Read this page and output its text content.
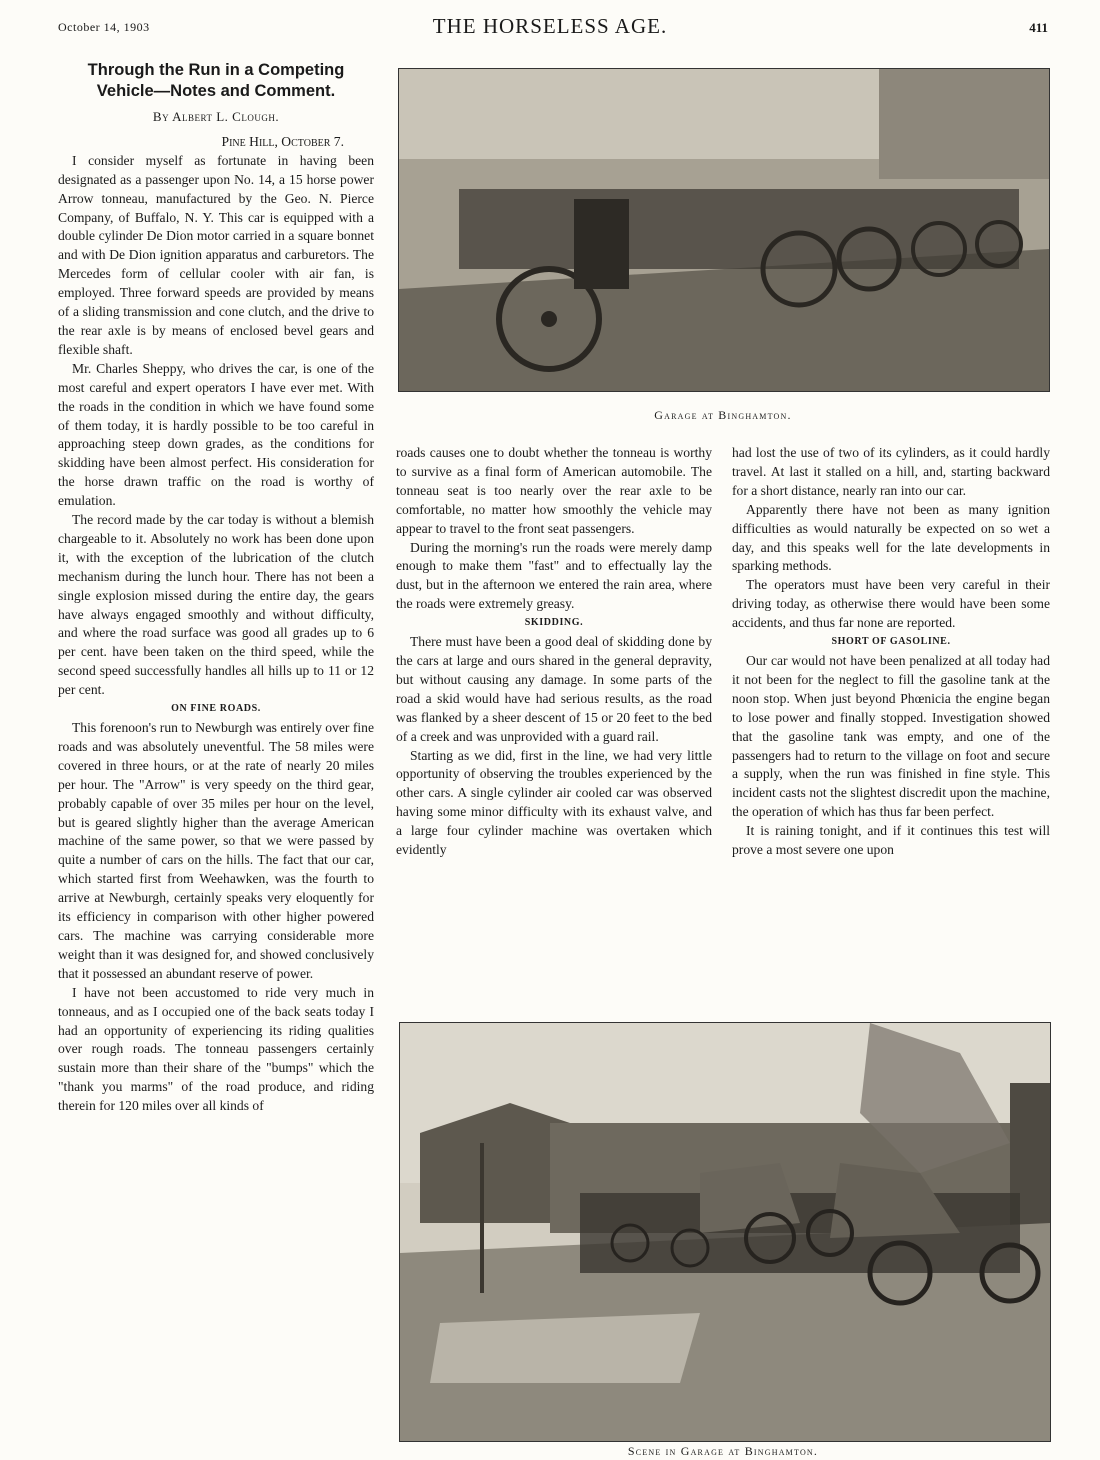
October 14, 1903	THE HORSELESS AGE.	411
Through the Run in a Competing Vehicle—Notes and Comment.
By Albert L. Clough.
Pine Hill, October 7.

I consider myself as fortunate in having been designated as a passenger upon No. 14, a 15 horse power Arrow tonneau, manufactured by the Geo. N. Pierce Company, of Buffalo, N. Y. This car is equipped with a double cylinder De Dion motor carried in a square bonnet and with De Dion ignition apparatus and carburetors. The Mercedes form of cellular cooler with air fan, is employed. Three forward speeds are provided by means of a sliding transmission and cone clutch, and the drive to the rear axle is by means of enclosed bevel gears and flexible shaft.

Mr. Charles Sheppy, who drives the car, is one of the most careful and expert operators I have ever met. With the roads in the condition in which we have found some of them today, it is hardly possible to be too careful in approaching steep down grades, as the conditions for skidding have been almost perfect. His consideration for the horse drawn traffic on the road is worthy of emulation.

The record made by the car today is without a blemish chargeable to it. Absolutely no work has been done upon it, with the exception of the lubrication of the clutch mechanism during the lunch hour. There has not been a single explosion missed during the entire day, the gears have always engaged smoothly and without difficulty, and where the road surface was good all grades up to 6 per cent. have been taken on the third speed, while the second speed successfully handles all hills up to 11 or 12 per cent.

ON FINE ROADS.

This forenoon's run to Newburgh was entirely over fine roads and was absolutely uneventful. The 58 miles were covered in three hours, or at the rate of nearly 20 miles per hour. The "Arrow" is very speedy on the third gear, probably capable of over 35 miles per hour on the level, but is geared slightly higher than the average American machine of the same power, so that we were passed by quite a number of cars on the hills. The fact that our car, which started first from Weehawken, was the fourth to arrive at Newburgh, certainly speaks very eloquently for its efficiency in comparison with other higher powered cars. The machine was carrying considerable more weight than it was designed for, and showed conclusively that it possessed an abundant reserve of power.

I have not been accustomed to ride very much in tonneaus, and as I occupied one of the back seats today I had an opportunity of experiencing its riding qualities over rough roads. The tonneau passengers certainly sustain more than their share of the "bumps" which the "thank you marms" of the road produce, and riding therein for 120 miles over all kinds of

Garage at Binghamton.

roads causes one to doubt whether the tonneau is worthy to survive as a final form of American automobile. The tonneau seat is too nearly over the rear axle to be comfortable, no matter how smoothly the vehicle may appear to travel to the front seat passengers.

During the morning's run the roads were merely damp enough to make them "fast" and to effectually lay the dust, but in the afternoon we entered the rain area, where the roads were extremely greasy.

SKIDDING.

There must have been a good deal of skidding done by the cars at large and ours shared in the general depravity, but without causing any damage. In some parts of the road a skid would have had serious results, as the road was flanked by a sheer descent of 15 or 20 feet to the bed of a creek and was unprovided with a guard rail.

Starting as we did, first in the line, we had very little opportunity of observing the troubles experienced by the other cars. A single cylinder air cooled car was observed having some minor difficulty with its exhaust valve, and a large four cylinder machine was overtaken which evidently

had lost the use of two of its cylinders, as it could hardly travel. At last it stalled on a hill, and, starting backward for a short distance, nearly ran into our car.

Apparently there have not been as many ignition difficulties as would naturally be expected on so wet a day, and this speaks well for the late developments in sparking methods.

The operators must have been very careful in their driving today, as otherwise there would have been some accidents, and thus far none are reported.

SHORT OF GASOLINE.

Our car would not have been penalized at all today had it not been for the neglect to fill the gasoline tank at the noon stop. When just beyond Phœnicia the engine began to lose power and finally stopped. Investigation showed that the gasoline tank was empty, and one of the passengers had to return to the village on foot and secure a supply, when the run was finished in fine style. This incident casts not the slightest discredit upon the machine, the operation of which has thus far been perfect.

It is raining tonight, and if it continues this test will prove a most severe one upon

Scene in Garage at Binghamton.
